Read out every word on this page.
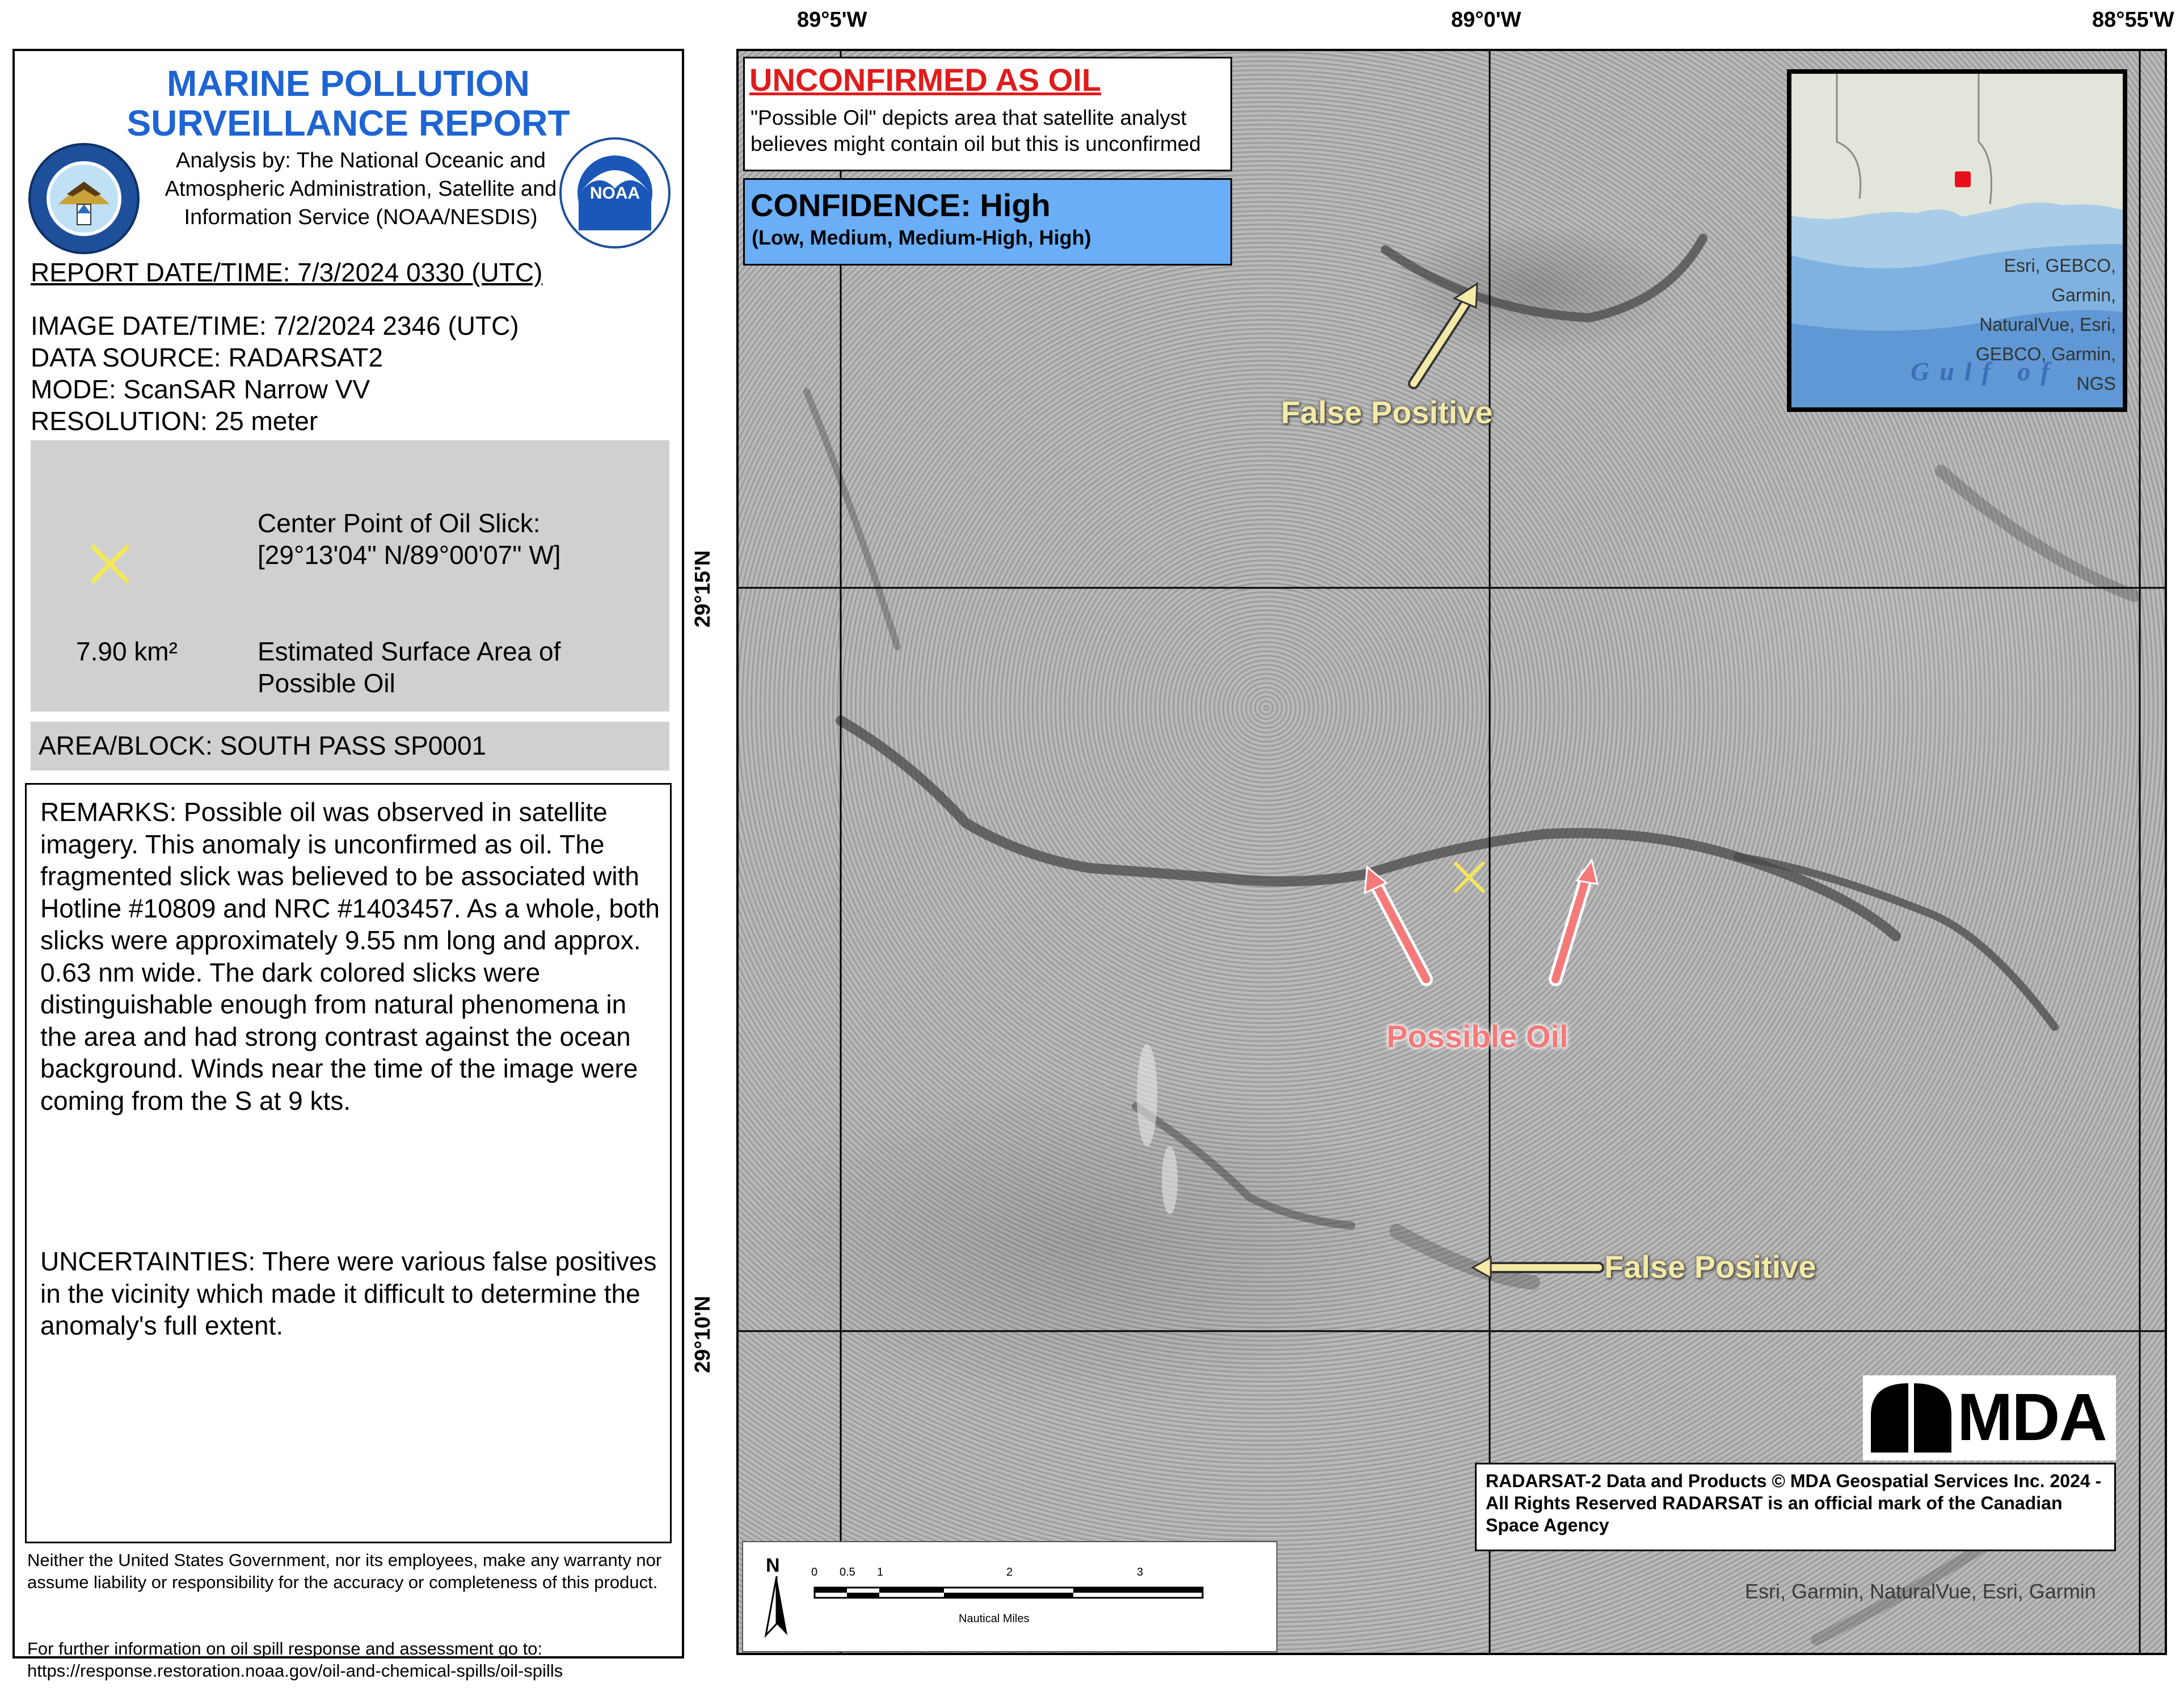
MARINE POLLUTION
SURVEILLANCE REPORT
Analysis by: The National Oceanic and
Atmospheric Administration, Satellite and
Information Service (NOAA/NESDIS)
NOAA
REPORT DATE/TIME: 7/3/2024 0330 (UTC)
IMAGE DATE/TIME: 7/2/2024 2346 (UTC)
DATA SOURCE: RADARSAT2
MODE: ScanSAR Narrow VV
RESOLUTION: 25 meter
Center Point of Oil Slick:
[29°13'04" N/89°00'07" W]
7.90 km²	Estimated Surface Area of Possible Oil
AREA/BLOCK: SOUTH PASS SP0001
REMARKS: Possible oil was observed in satellite imagery. This anomaly is unconfirmed as oil. The fragmented slick was believed to be associated with Hotline #10809 and NRC #1403457. As a whole, both slicks were approximately 9.55 nm long and approx. 0.63 nm wide. The dark colored slicks were distinguishable enough from natural phenomena in the area and had strong contrast against the ocean background. Winds near the time of the image were coming from the S at 9 kts.
UNCERTAINTIES: There were various false positives in the vicinity which made it difficult to determine the anomaly's full extent.
Neither the United States Government, nor its employees, make any warranty nor assume liability or responsibility for the accuracy or completeness of this product.
For further information on oil spill response and assessment go to: https://response.restoration.noaa.gov/oil-and-chemical-spills/oil-spills
89°5'W	89°0'W	88°55'W
29°15'N
29°10'N
UNCONFIRMED AS OIL
"Possible Oil" depicts area that satellite analyst believes might contain oil but this is unconfirmed
CONFIDENCE: High
(Low, Medium, Medium-High, High)
Esri, GEBCO, Garmin, NaturalVue, Esri, GEBCO, Garmin, NGS
Gulf of
False Positive
False Positive
Possible Oil
MDA
RADARSAT-2 Data and Products © MDA Geospatial Services Inc. 2024 - All Rights Reserved RADARSAT is an official mark of the Canadian Space Agency
N	0 0.5 1	2	3
Nautical Miles
Esri, Garmin, NaturalVue, Esri, Garmin
